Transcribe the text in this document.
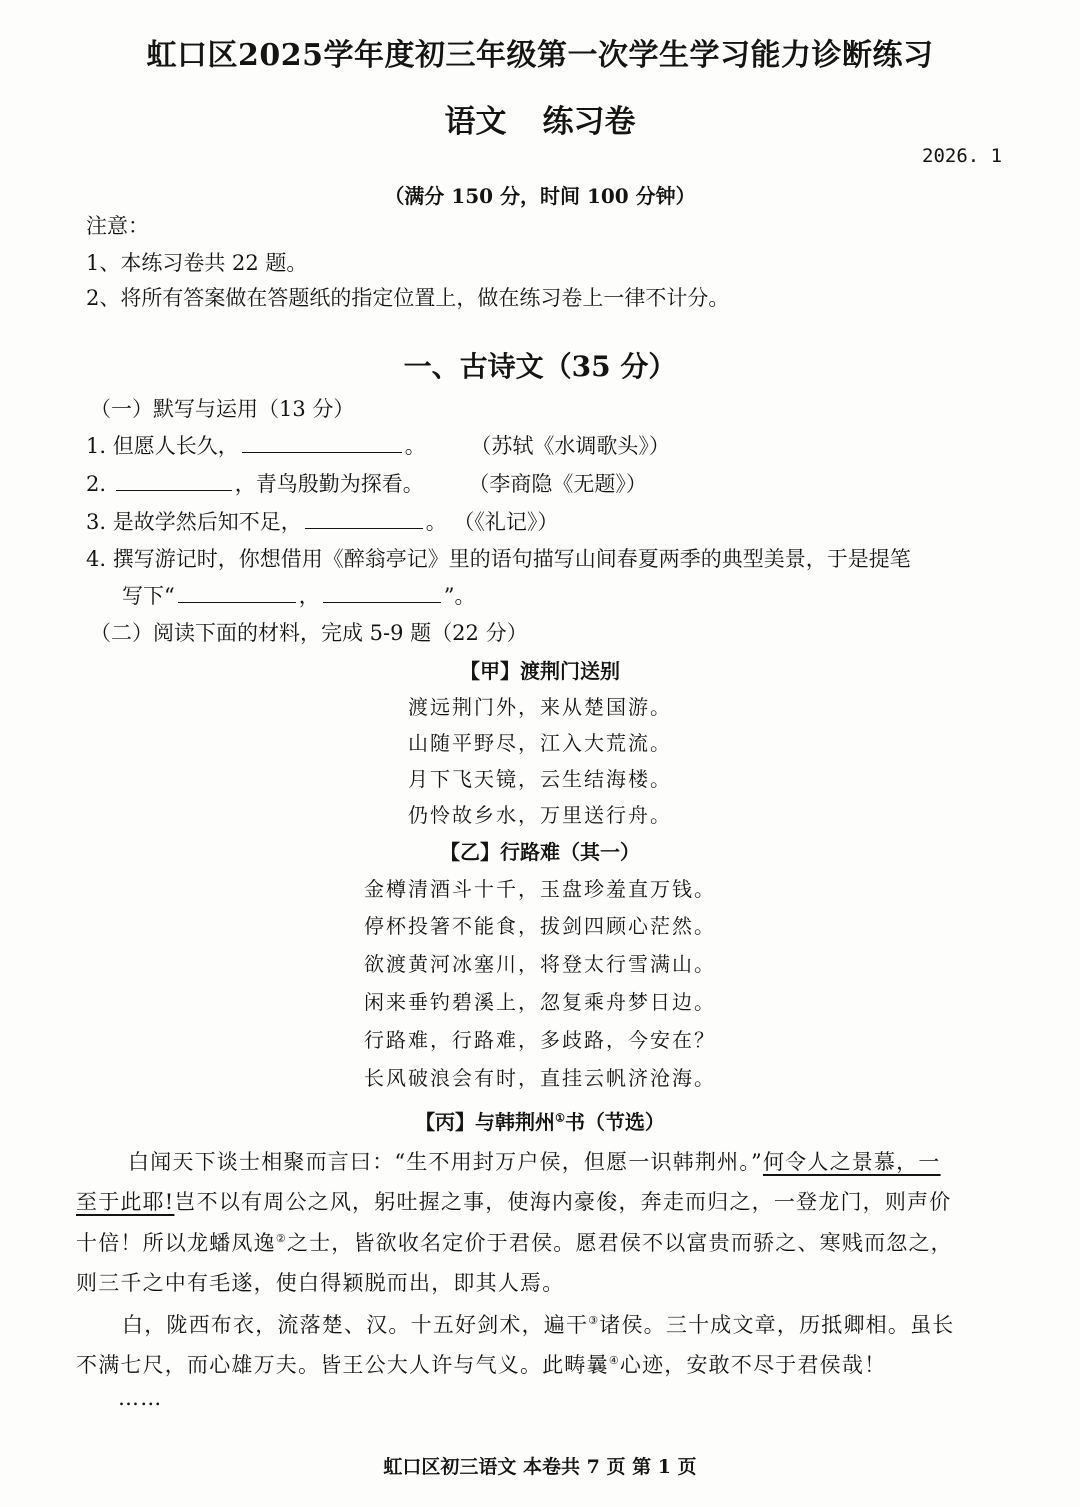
虹口区2025学年度初三年级第一次学生学习能力诊断练习
语文 练习卷
2026. 1
（满分 150 分，时间 100 分钟）
注意：
1、本练习卷共 22 题。
2、将所有答案做在答题纸的指定位置上，做在练习卷上一律不计分。
一、古诗文（35 分）
（一）默写与运用（13 分）
1. 但愿人长久，	。 （苏轼《水调歌头》）
2.	，青鸟殷勤为探看。 （李商隐《无题》）
3. 是故学然后知不足，	。 （《礼记》）
4. 撰写游记时，你想借用《醉翁亭记》里的语句描写山间春夏两季的典型美景，于是提笔
写下“	，	”。
（二）阅读下面的材料，完成 5-9 题（22 分）
【甲】渡荆门送别
渡远荆门外，来从楚国游。
山随平野尽，江入大荒流。
月下飞天镜，云生结海楼。
仍怜故乡水，万里送行舟。
【乙】行路难（其一）
金樽清酒斗十千，玉盘珍羞直万钱。
停杯投箸不能食，拔剑四顾心茫然。
欲渡黄河冰塞川，将登太行雪满山。
闲来垂钓碧溪上，忽复乘舟梦日边。
行路难，行路难，多歧路，今安在？
长风破浪会有时，直挂云帆济沧海。
【丙】与韩荆州①书（节选）
白闻天下谈士相聚而言曰：“生不用封万户侯，但愿一识韩荆州。”何令人之景慕，一
至于此耶!岂不以有周公之风，躬吐握之事，使海内豪俊，奔走而归之，一登龙门，则声价
十倍！所以龙蟠凤逸②之士，皆欲收名定价于君侯。愿君侯不以富贵而骄之、寒贱而忽之，
则三千之中有毛遂，使白得颖脱而出，即其人焉。
白，陇西布衣，流落楚、汉。十五好剑术，遍干③诸侯。三十成文章，历抵卿相。虽长
不满七尺，而心雄万夫。皆王公大人许与气义。此畴曩④心迹，安敢不尽于君侯哉！
……
虹口区初三语文 本卷共 7 页 第 1 页
